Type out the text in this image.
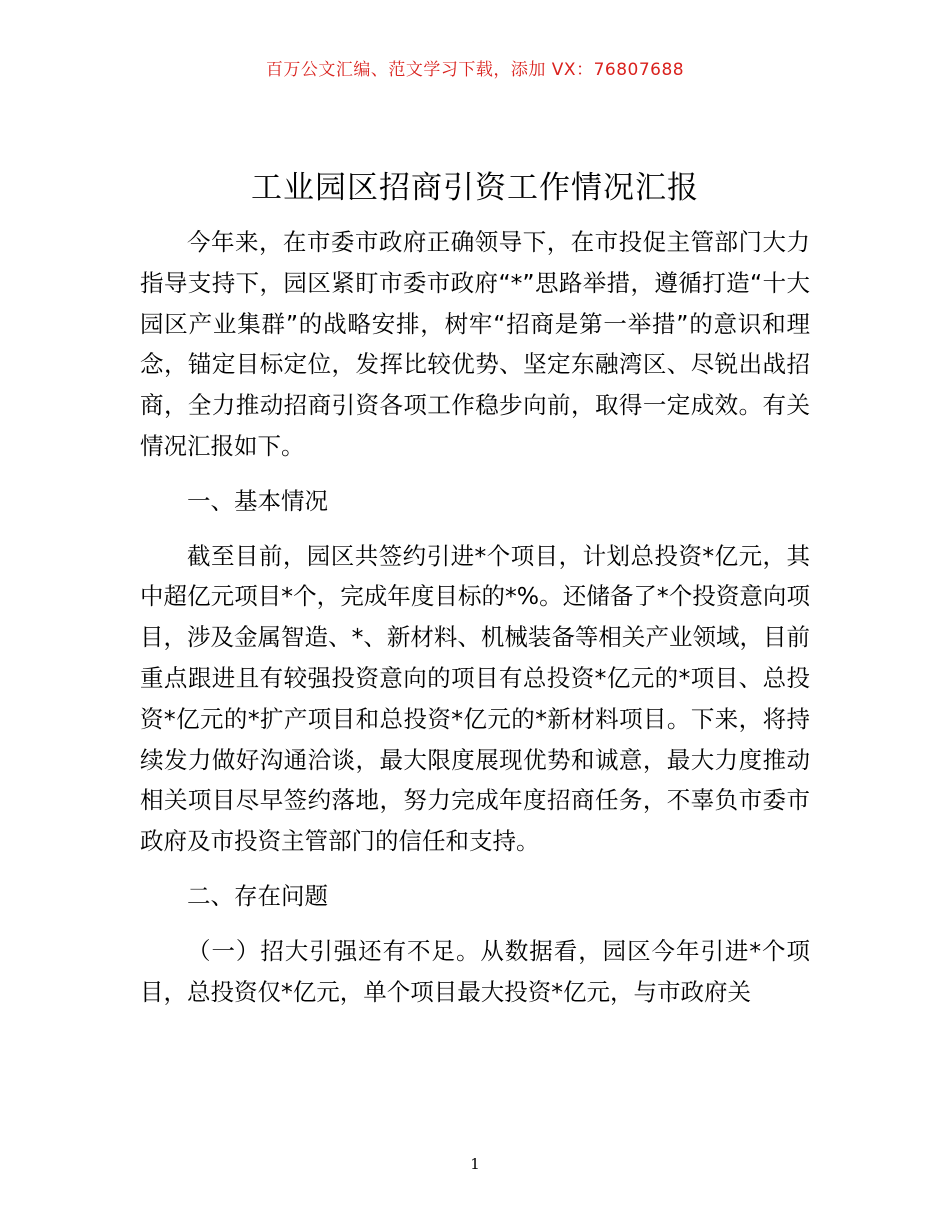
百万公文汇编、范文学习下载，添加 VX：76807688
工业园区招商引资工作情况汇报

今年来，在市委市政府正确领导下，在市投促主管部门大力指导支持下，园区紧盯市委市政府“*”思路举措，遵循打造“十大园区产业集群”的战略安排，树牢“招商是第一举措”的意识和理念，锚定目标定位，发挥比较优势、坚定东融湾区、尽锐出战招商，全力推动招商引资各项工作稳步向前，取得一定成效。有关情况汇报如下。

一、基本情况

截至目前，园区共签约引进*个项目，计划总投资*亿元，其中超亿元项目*个，完成年度目标的*%。还储备了*个投资意向项目，涉及金属智造、*、新材料、机械装备等相关产业领域，目前重点跟进且有较强投资意向的项目有总投资*亿元的*项目、总投资*亿元的*扩产项目和总投资*亿元的*新材料项目。下来，将持续发力做好沟通洽谈，最大限度展现优势和诚意，最大力度推动相关项目尽早签约落地，努力完成年度招商任务，不辜负市委市政府及市投资主管部门的信任和支持。

二、存在问题

（一）招大引强还有不足。从数据看，园区今年引进*个项目，总投资仅*亿元，单个项目最大投资*亿元，与市政府关

1
